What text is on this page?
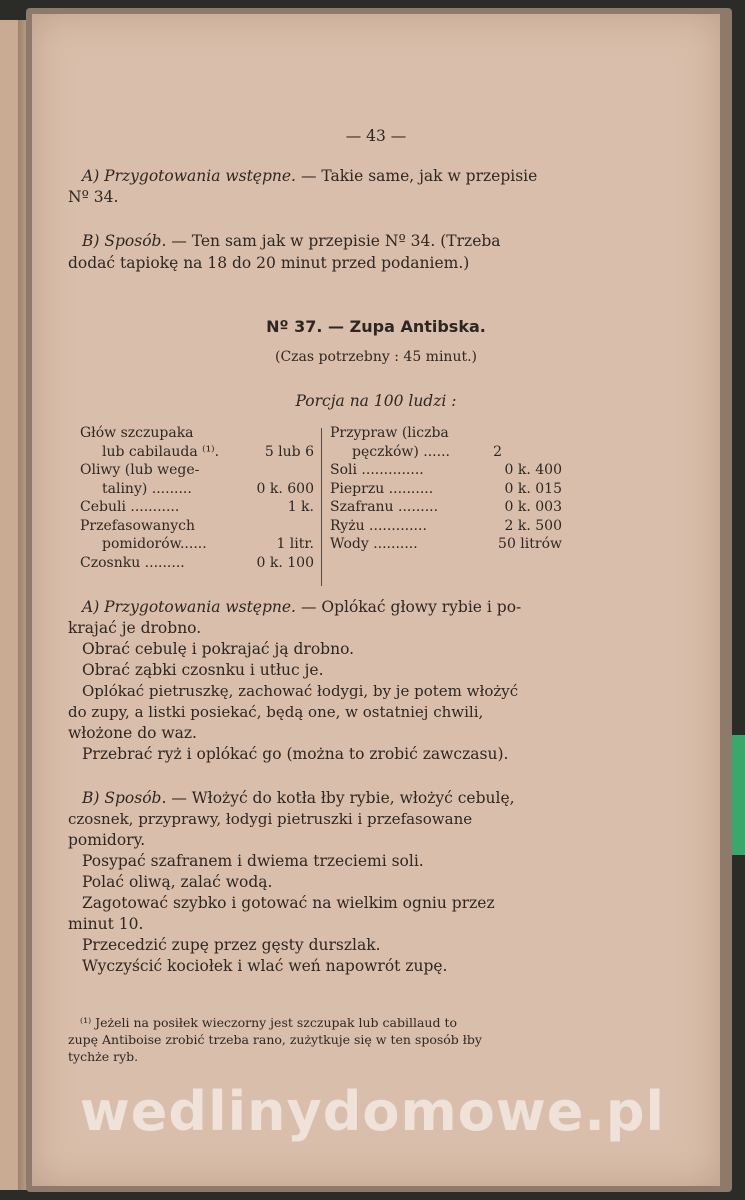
— 43 —
A) Przygotowania wstępne. — Takie same, jak w przepisie
Nº 34.
B) Sposób. — Ten sam jak w przepisie Nº 34. (Trzeba
dodać tapiokę na 18 do 20 minut przed podaniem.)
Nº 37. — Zupa Antibska.
(Czas potrzebny : 45 minut.)
Porcja na 100 ludzi :
Głów szczupaka
lub cabilauda ⁽¹⁾.	5 lub 6
Oliwy (lub wege-
taliny) .........	0 k. 600
Cebuli ...........	1 k.
Przefasowanych
pomidorów......	1 litr.
Czosnku .........	0 k. 100
Przypraw (liczba
pęczków) ......	2
Soli ..............	0 k. 400
Pieprzu ..........	0 k. 015
Szafranu .........	0 k. 003
Ryżu .............	2 k. 500
Wody ..........	50 litrów
A) Przygotowania wstępne. — Oplókać głowy rybie i po-
krajać je drobno.
Obrać cebulę i pokrajać ją drobno.
Obrać ząbki czosnku i utłuc je.
Oplókać pietruszkę, zachować łodygi, by je potem włożyć
do zupy, a listki posiekać, będą one, w ostatniej chwili,
włożone do waz.
Przebrać ryż i oplókać go (można to zrobić zawczasu).
B) Sposób. — Włożyć do kotła łby rybie, włożyć cebulę,
czosnek, przyprawy, łodygi pietruszki i przefasowane
pomidory.
Posypać szafranem i dwiema trzeciemi soli.
Polać oliwą, zalać wodą.
Zagotować szybko i gotować na wielkim ogniu przez
minut 10.
Przecedzić zupę przez gęsty durszlak.
Wyczyścić kociołek i wlać weń napowrót zupę.
⁽¹⁾ Jeżeli na posiłek wieczorny jest szczupak lub cabillaud to
zupę Antiboise zrobić trzeba rano, zużytkuje się w ten sposób łby
tychże ryb.
wedlinydomowe.pl
